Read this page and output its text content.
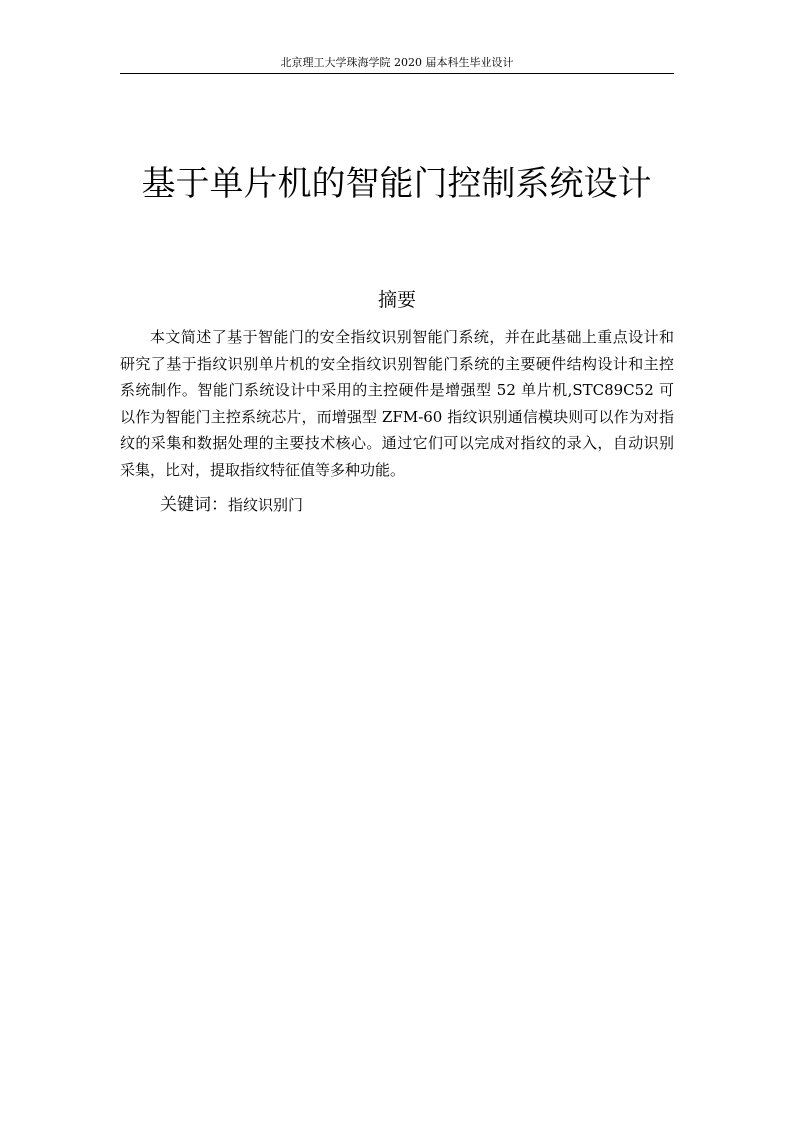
北京理工大学珠海学院 2020 届本科生毕业设计
基于单片机的智能门控制系统设计
摘要

本文简述了基于智能门的安全指纹识别智能门系统，并在此基础上重点设计和研究了基于指纹识别单片机的安全指纹识别智能门系统的主要硬件结构设计和主控系统制作。智能门系统设计中采用的主控硬件是增强型 52 单片机,STC89C52 可以作为智能门主控系统芯片，而增强型 ZFM-60 指纹识别通信模块则可以作为对指纹的采集和数据处理的主要技术核心。通过它们可以完成对指纹的录入，自动识别采集，比对，提取指纹特征值等多种功能。

关键词：指纹识别门
